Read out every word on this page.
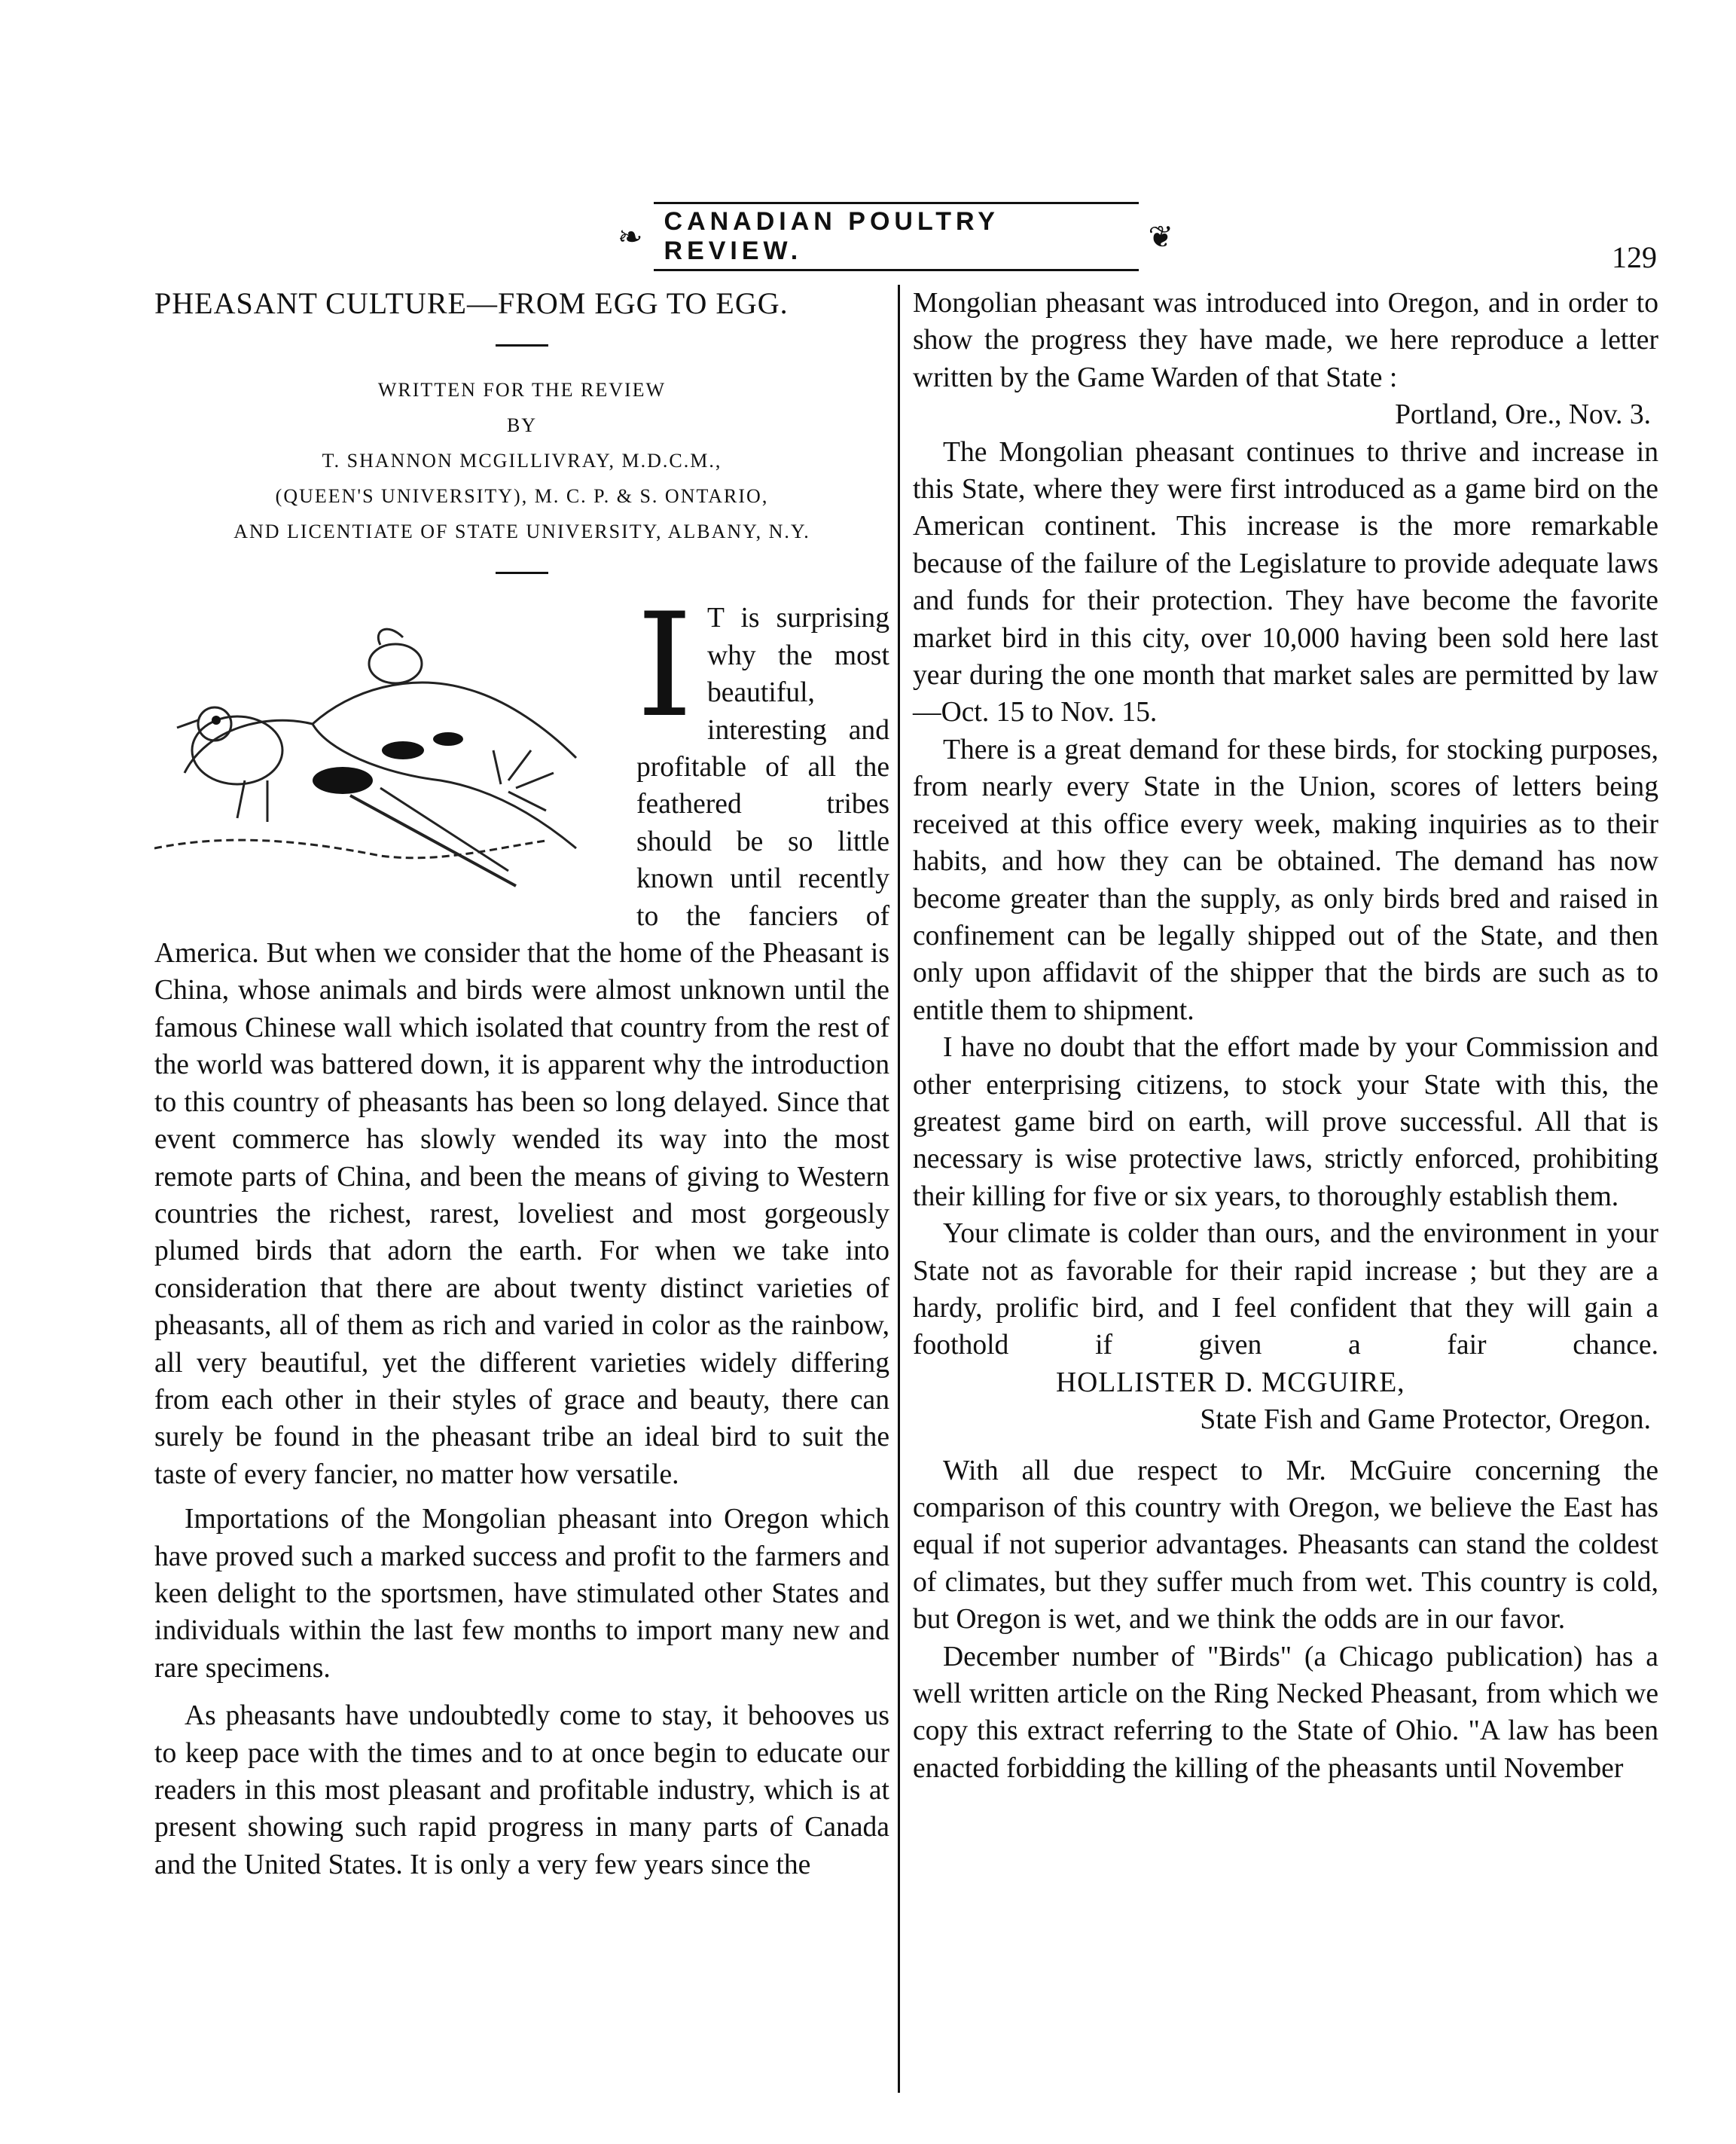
❧ CANADIAN POULTRY REVIEW.	❦
129

PHEASANT CULTURE—FROM EGG TO EGG.

WRITTEN FOR THE REVIEW
BY
T. SHANNON MCGILLIVRAY, M.D.C.M.,
(QUEEN'S UNIVERSITY), M. C. P. & S. ONTARIO,
AND LICENTIATE OF STATE UNIVERSITY, ALBANY, N.Y.
I T is surprising why the most beautiful, interesting and profitable of all the feathered tribes should be so little known until recently to the fanciers of America. But when we consider that the home of the Pheasant is China, whose animals and birds were almost unknown until the famous Chinese wall which isolated that country from the rest of the world was battered down, it is apparent why the introduction to this country of pheasants has been so long delayed. Since that event commerce has slowly wended its way into the most remote parts of China, and been the means of giving to Western countries the richest, rarest, loveliest and most gorgeously plumed birds that adorn the earth. For when we take into consideration that there are about twenty distinct varieties of pheasants, all of them as rich and varied in color as the rainbow, all very beautiful, yet the different varieties widely differing from each other in their styles of grace and beauty, there can surely be found in the pheasant tribe an ideal bird to suit the taste of every fancier, no matter how versatile.

Importations of the Mongolian pheasant into Oregon which have proved such a marked success and profit to the farmers and keen delight to the sportsmen, have stimulated other States and individuals within the last few months to import many new and rare specimens.

As pheasants have undoubtedly come to stay, it behooves us to keep pace with the times and to at once begin to educate our readers in this most pleasant and profitable industry, which is at present showing such rapid progress in many parts of Canada and the United States. It is only a very few years since the

Mongolian pheasant was introduced into Oregon, and in order to show the progress they have made, we here reproduce a letter written by the Game Warden of that State :

Portland, Ore., Nov. 3.

The Mongolian pheasant continues to thrive and increase in this State, where they were first introduced as a game bird on the American continent. This increase is the more remarkable because of the failure of the Legislature to provide adequate laws and funds for their protection. They have become the favorite market bird in this city, over 10,000 having been sold here last year during the one month that market sales are permitted by law—Oct. 15 to Nov. 15.

There is a great demand for these birds, for stocking purposes, from nearly every State in the Union, scores of letters being received at this office every week, making inquiries as to their habits, and how they can be obtained. The demand has now become greater than the supply, as only birds bred and raised in confinement can be legally shipped out of the State, and then only upon affidavit of the shipper that the birds are such as to entitle them to shipment.

I have no doubt that the effort made by your Commission and other enterprising citizens, to stock your State with this, the greatest game bird on earth, will prove successful. All that is necessary is wise protective laws, strictly enforced, prohibiting their killing for five or six years, to thoroughly establish them.

Your climate is colder than ours, and the environment in your State not as favorable for their rapid increase ; but they are a hardy, prolific bird, and I feel confident that they will gain a foothold if given a fair chance. HOLLISTER D. MCGUIRE,

State Fish and Game Protector, Oregon.

With all due respect to Mr. McGuire concerning the comparison of this country with Oregon, we believe the East has equal if not superior advantages. Pheasants can stand the coldest of climates, but they suffer much from wet. This country is cold, but Oregon is wet, and we think the odds are in our favor.

December number of "Birds" (a Chicago publication) has a well written article on the Ring Necked Pheasant, from which we copy this extract referring to the State of Ohio. "A law has been enacted forbidding the killing of the pheasants until November
